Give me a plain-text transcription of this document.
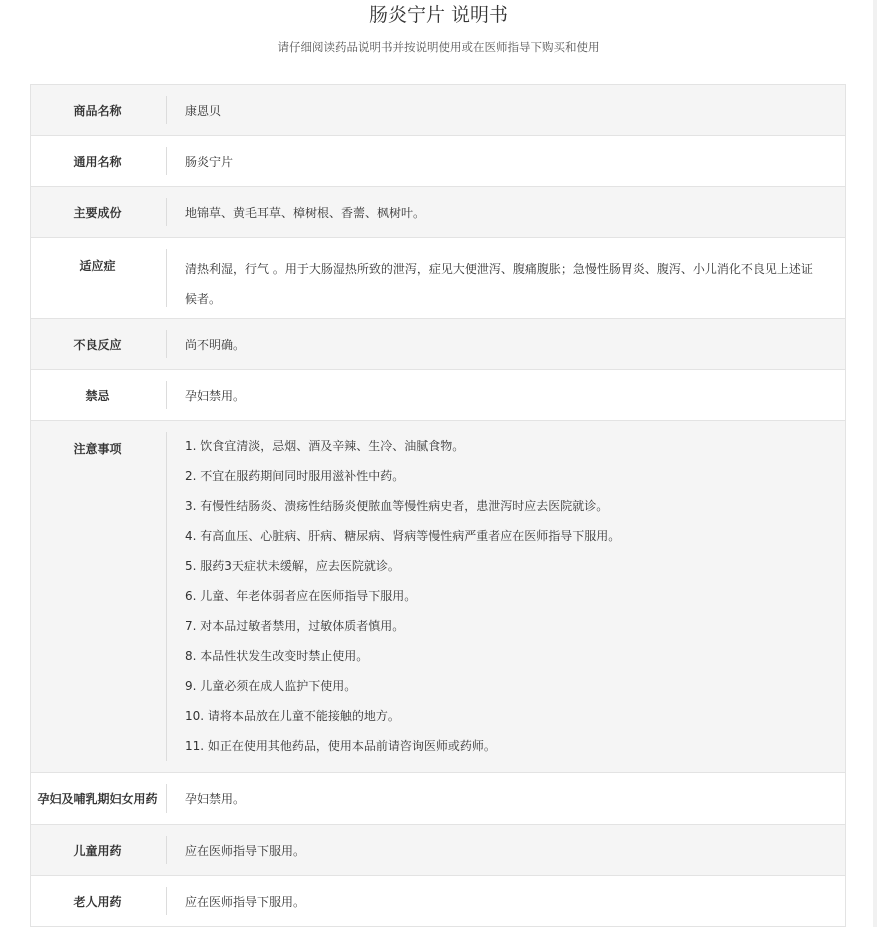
肠炎宁片 说明书
请仔细阅读药品说明书并按说明使用或在医师指导下购买和使用
商品名称	康恩贝
通用名称	肠炎宁片
主要成份	地锦草、黄毛耳草、樟树根、香薷、枫树叶。
适应症	清热利湿，行气 。用于大肠湿热所致的泄泻，症见大便泄泻、腹痛腹胀；急慢性肠胃炎、腹泻、小儿消化不良见上述证候者。
不良反应	尚不明确。
禁忌	孕妇禁用。
注意事项	1. 饮食宜清淡，忌烟、酒及辛辣、生冷、油腻食物。
2. 不宜在服药期间同时服用滋补性中药。
3. 有慢性结肠炎、溃疡性结肠炎便脓血等慢性病史者，患泄泻时应去医院就诊。
4. 有高血压、心脏病、肝病、糖尿病、肾病等慢性病严重者应在医师指导下服用。
5. 服药3天症状未缓解，应去医院就诊。
6. 儿童、年老体弱者应在医师指导下服用。
7. 对本品过敏者禁用，过敏体质者慎用。
8. 本品性状发生改变时禁止使用。
9. 儿童必须在成人监护下使用。
10. 请将本品放在儿童不能接触的地方。
11. 如正在使用其他药品，使用本品前请咨询医师或药师。
孕妇及哺乳期妇女用药	孕妇禁用。
儿童用药	应在医师指导下服用。
老人用药	应在医师指导下服用。
